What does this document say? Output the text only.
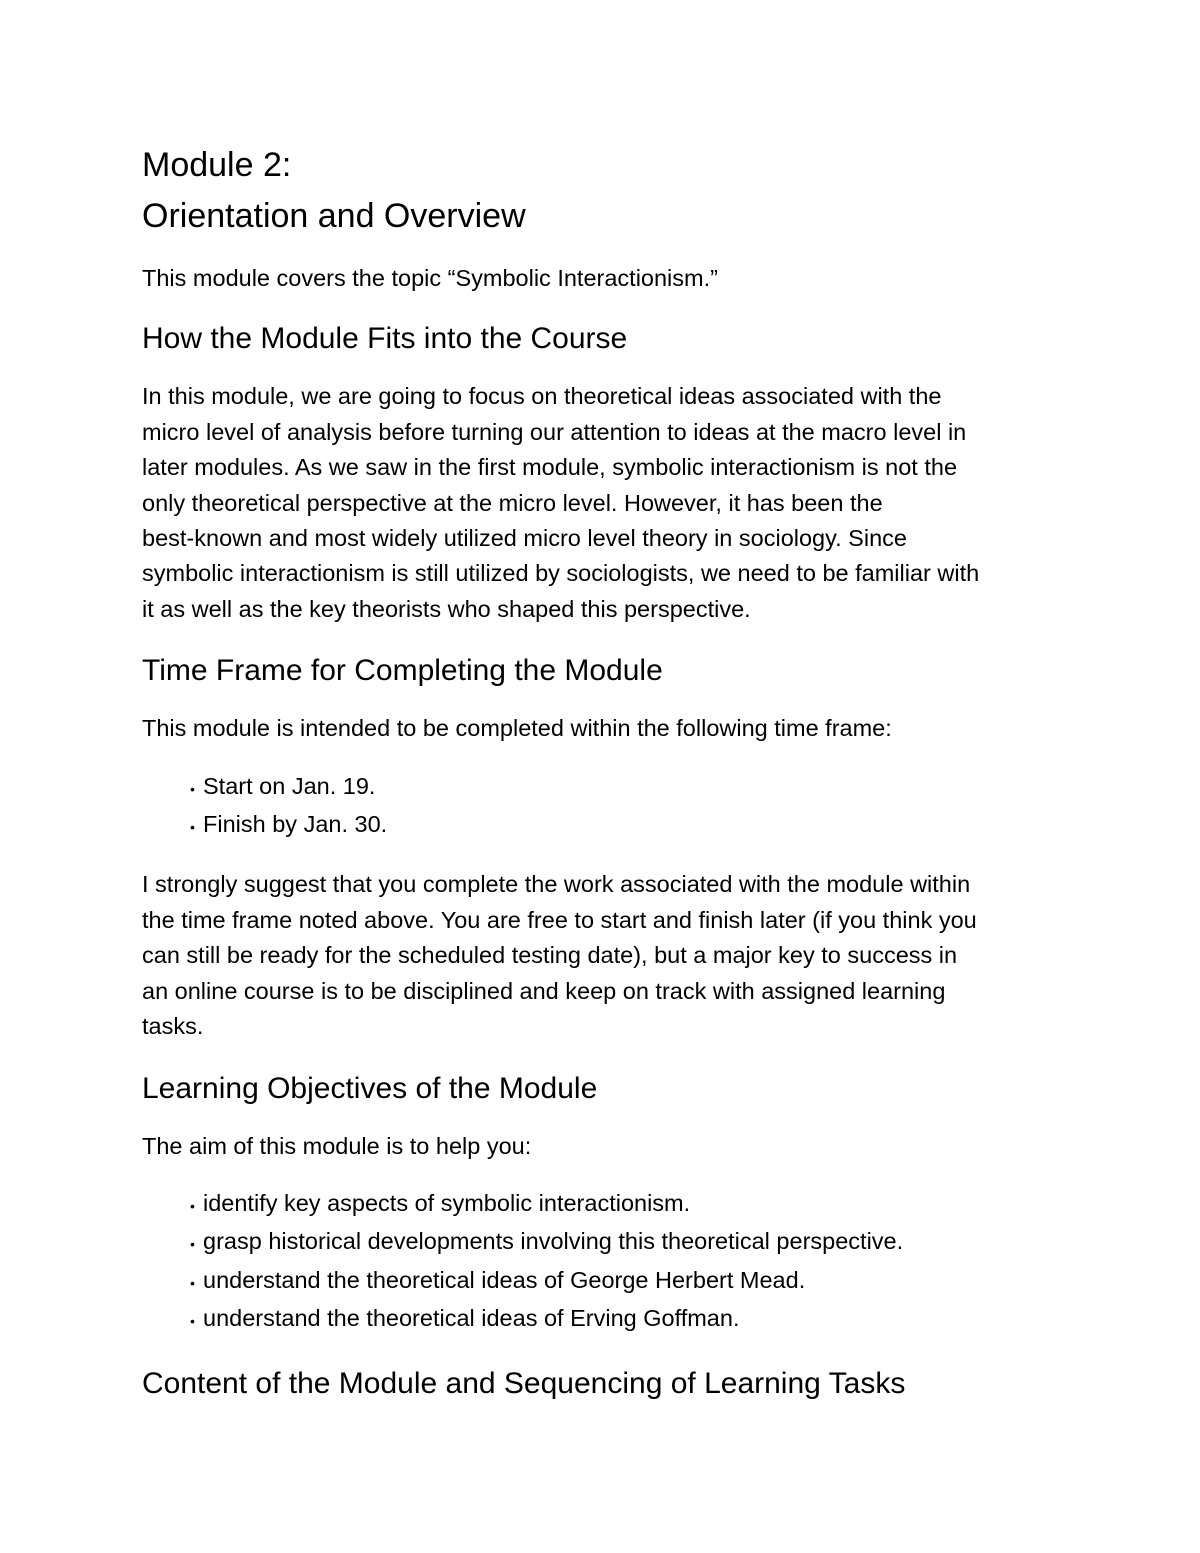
Module 2:
Orientation and Overview

This module covers the topic “Symbolic Interactionism.”

How the Module Fits into the Course
In this module, we are going to focus on theoretical ideas associated with the
micro level of analysis before turning our attention to ideas at the macro level in
later modules. As we saw in the first module, symbolic interactionism is not the
only theoretical perspective at the micro level. However, it has been the
best-known and most widely utilized micro level theory in sociology. Since
symbolic interactionism is still utilized by sociologists, we need to be familiar with
it as well as the key theorists who shaped this perspective.
Time Frame for Completing the Module

This module is intended to be completed within the following time frame:

• Start on Jan. 19.
• Finish by Jan. 30.
I strongly suggest that you complete the work associated with the module within
the time frame noted above. You are free to start and finish later (if you think you
can still be ready for the scheduled testing date), but a major key to success in
an online course is to be disciplined and keep on track with assigned learning
tasks.
Learning Objectives of the Module

The aim of this module is to help you:

• identify key aspects of symbolic interactionism.
• grasp historical developments involving this theoretical perspective.
• understand the theoretical ideas of George Herbert Mead.
• understand the theoretical ideas of Erving Goffman.
Content of the Module and Sequencing of Learning Tasks
